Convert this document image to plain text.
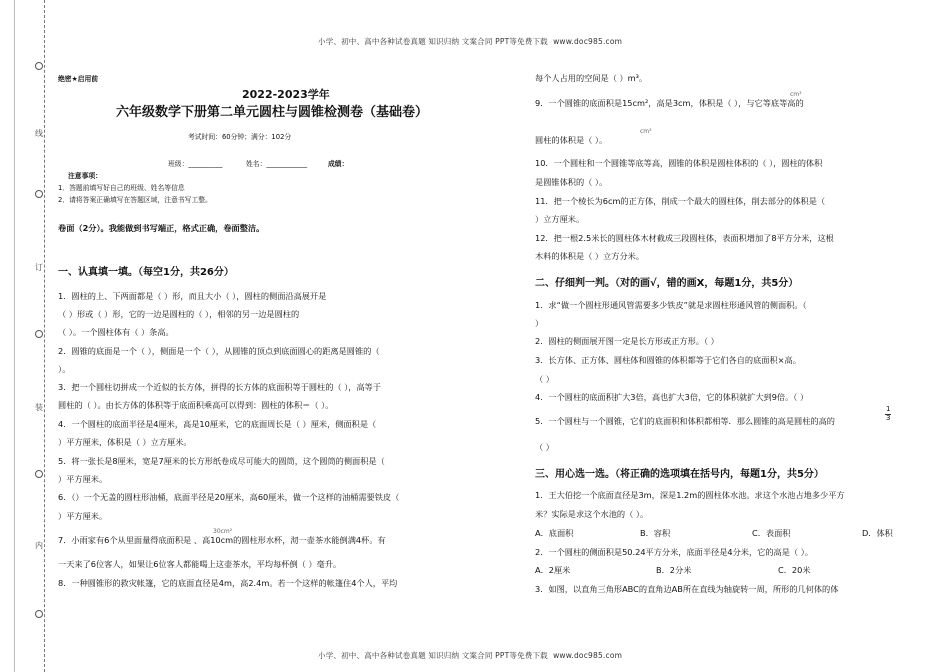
线
订
装
内
小学、初中、高中各种试卷真题 知识归纳 文案合同 PPT等免费下载 www.doc985.com
小学、初中、高中各种试卷真题 知识归纳 文案合同 PPT等免费下载 www.doc985.com
绝密★启用前
2022-2023学年
六年级数学下册第二单元圆柱与圆锥检测卷（基础卷）
考试时间：60分钟；满分：102分
班级：__________	姓名：____________	成绩：
注意事项：
1．答题前填写好自己的班级、姓名等信息
2．请将答案正确填写在答题区域，注意书写工整。
卷面（2分）。我能做到书写端正，格式正确，卷面整洁。
一、认真填一填。（每空1分，共26分）
1．圆柱的上、下两面都是（ ）形，而且大小（ ），圆柱的侧面沿高展开是
（ ）形或（ ）形，它的一边是圆柱的（ ），相邻的另一边是圆柱的
（ ）。一个圆柱体有（ ）条高。
2．圆锥的底面是一个（ ），侧面是一个（ ），从圆锥的顶点到底面圆心的距离是圆锥的（
）。
3．把一个圆柱切拼成一个近似的长方体，拼得的长方体的底面积等于圆柱的（ ），高等于
圆柱的（ ）。由长方体的体积等于底面积乘高可以得到：圆柱的体积＝（ ）。
4．一个圆柱的底面半径是4厘米，高是10厘米，它的底面周长是（ ）厘米，侧面积是（
）平方厘米，体积是（ ）立方厘米。
5．将一张长是8厘米，宽是7厘米的长方形纸卷成尽可能大的圆筒，这个圆筒的侧面积是（
）平方厘米。
6．（）一个无盖的圆柱形油桶，底面半径是20厘米，高60厘米，做一个这样的油桶需要铁皮（
）平方厘米。
7．小雨家有6个从里面量得底面积是 、高10cm的圆柱形水杯，沏一壶茶水能倒满4杯。有
30cm²
一天来了6位客人，如果让6位客人都能喝上这壶茶水，平均每杯倒（ ）毫升。
8．一种圆锥形的救灾帐篷，它的底面直径是4m，高2.4m。若一个这样的帐篷住4个人，平均
每个人占用的空间是（ ）m³。
9．一个圆锥的底面积是15cm²，高是3cm，体积是（ ），与它等底等高的
cm³
圆柱的体积是（ ）。
cm³
10．一个圆柱和一个圆锥等底等高，圆锥的体积是圆柱体积的（ ），圆柱的体积
是圆锥体积的（ ）。
11．把一个棱长为6cm的正方体，削成一个最大的圆柱体，削去部分的体积是（
）立方厘米。
12．把一根2.5米长的圆柱体木材截成三段圆柱体，表面积增加了8平方分米，这根
木料的体积是（ ）立方分米。
二、仔细判一判。（对的画√，错的画X，每题1分，共5分）
1．求“做一个圆柱形通风管需要多少铁皮”就是求圆柱形通风管的侧面积。（
）
2．圆柱的侧面展开图一定是长方形或正方形。（ ）
3．长方体、正方体、圆柱体和圆锥的体积都等于它们各自的底面积×高。
（ ）
4．一个圆柱的底面积扩大3倍，高也扩大3倍，它的体积就扩大到9倍。（ ）
5．一个圆柱与一个圆锥，它们的底面积和体积都相等．那么圆锥的高是圆柱的高的	$\frac{1}{3}$
（ ）
三、用心选一选。（将正确的选项填在括号内，每题1分，共5分）
1．王大伯挖一个底面直径是3m，深是1.2m的圆柱体水池。求这个水池占地多少平方
米？实际是求这个水池的（ ）。
A．底面积	B．容积	C．表面积	D．体积
2．一个圆柱的侧面积是50.24平方分米，底面半径是4分米，它的高是（ ）。
A．2厘米	B．2分米	C．20米
3．如图，以直角三角形ABC的直角边AB所在直线为轴旋转一周，所形的几何体的体
